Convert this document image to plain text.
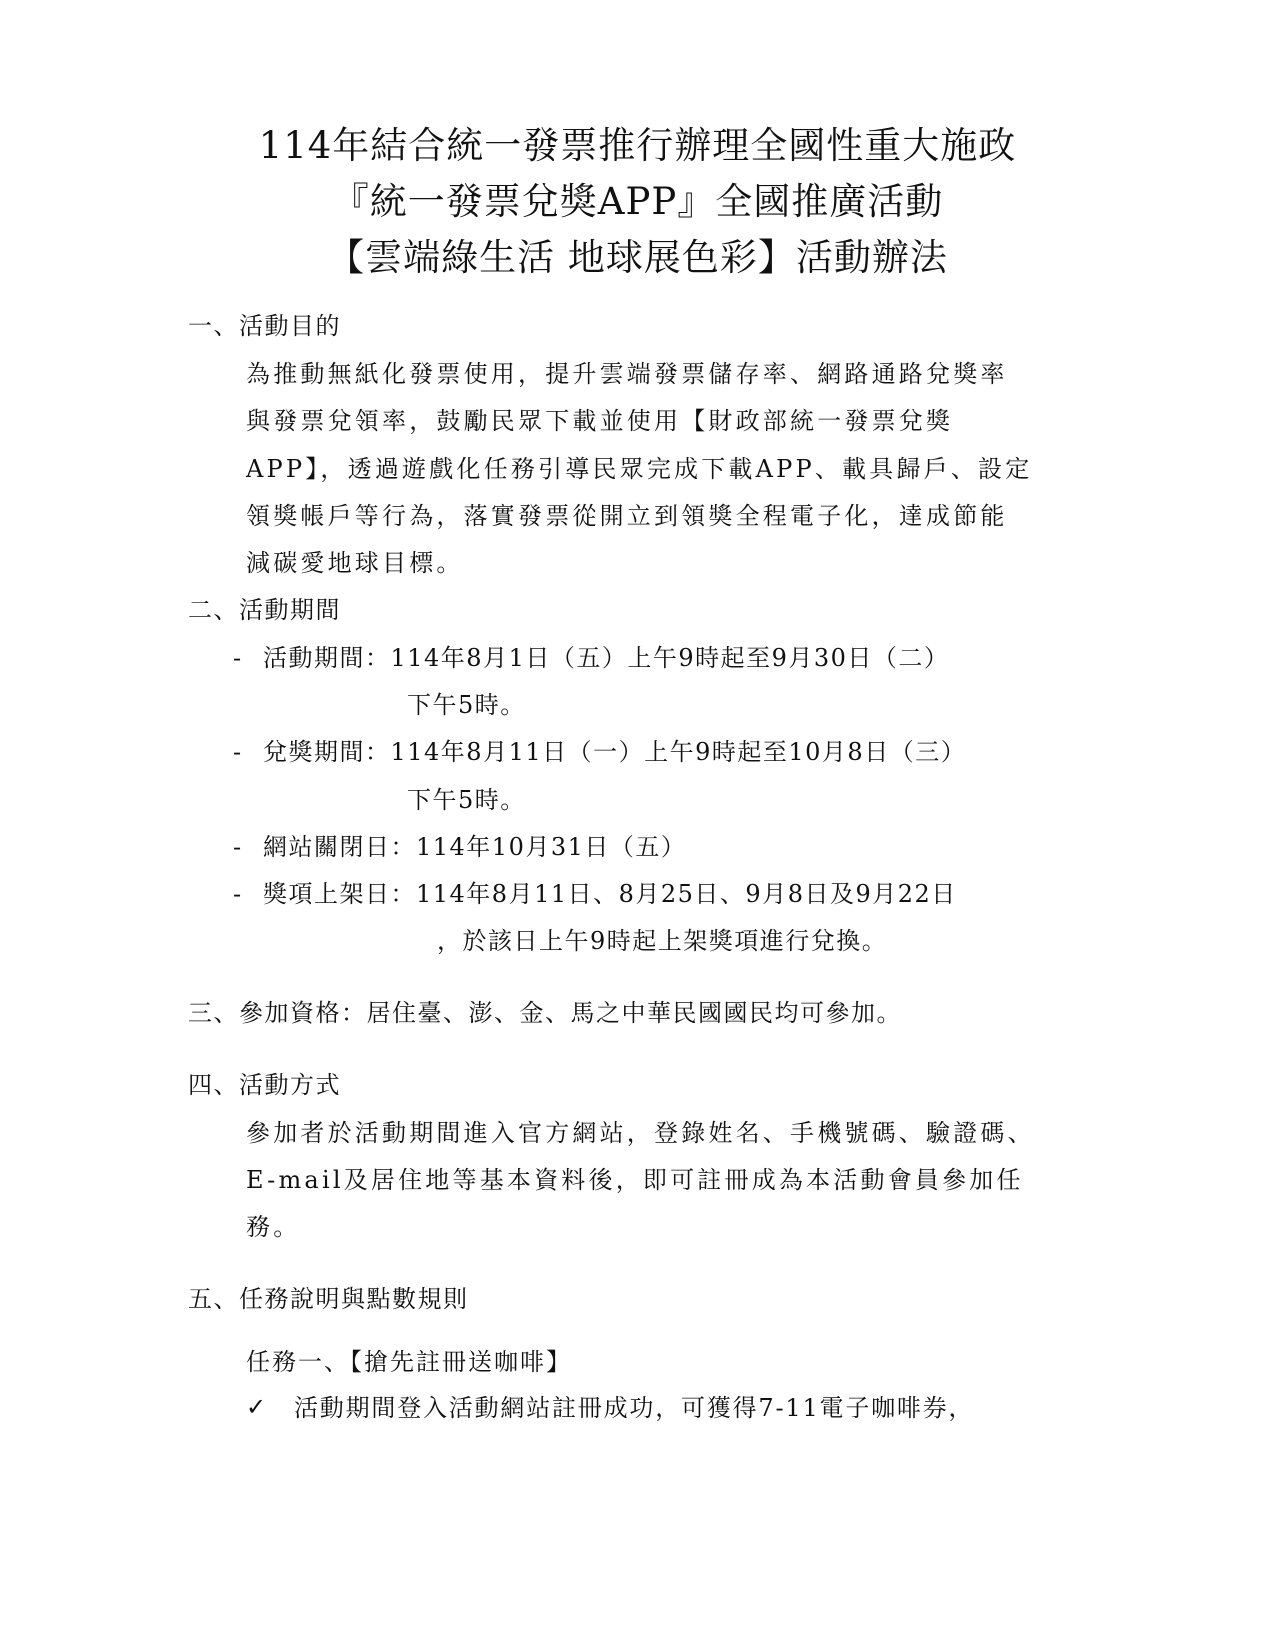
114年結合統一發票推行辦理全國性重大施政
『統一發票兌獎APP』全國推廣活動
【雲端綠生活 地球展色彩】活動辦法
一、活動目的
為推動無紙化發票使用，提升雲端發票儲存率、網路通路兌獎率
與發票兌領率，鼓勵民眾下載並使用【財政部統一發票兌獎
APP】，透過遊戲化任務引導民眾完成下載APP、載具歸戶、設定
領獎帳戶等行為，落實發票從開立到領獎全程電子化，達成節能
減碳愛地球目標。
二、活動期間
- 活動期間：114年8月1日（五）上午9時起至9月30日（二）
下午5時。
- 兌獎期間：114年8月11日（一）上午9時起至10月8日（三）
下午5時。
- 網站關閉日：114年10月31日（五）
- 獎項上架日：114年8月11日、8月25日、9月8日及9月22日
，於該日上午9時起上架獎項進行兌換。
三、參加資格：居住臺、澎、金、馬之中華民國國民均可參加。
四、活動方式
參加者於活動期間進入官方網站，登錄姓名、手機號碼、驗證碼、
E-mail及居住地等基本資料後，即可註冊成為本活動會員參加任
務。
五、任務說明與點數規則
任務一、【搶先註冊送咖啡】
✓ 活動期間登入活動網站註冊成功，可獲得7-11電子咖啡券，
